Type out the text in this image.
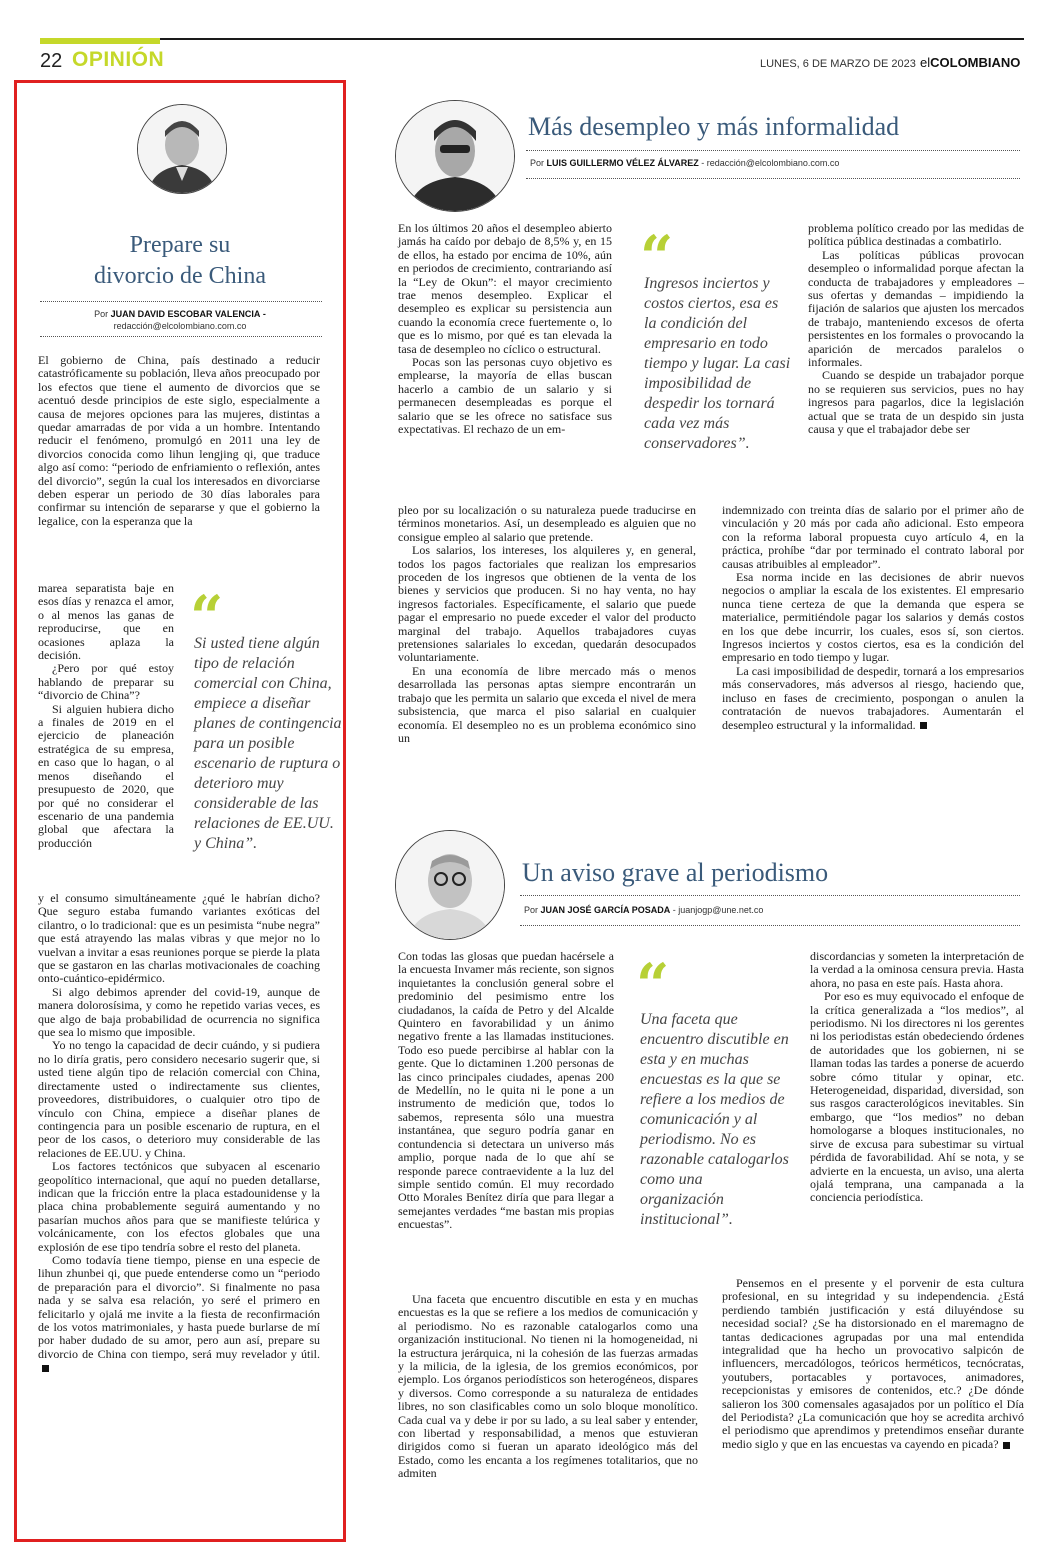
22 OPINIÓN	LUNES, 6 DE MARZO DE 2023 elCOLOMBIANO
Prepare su
divorcio de China
Por JUAN DAVID ESCOBAR VALENCIA -
redacción@elcolombiano.com.co

El gobierno de China, país destinado a reducir catastróficamente su población, lleva años preocupado por los efectos que tiene el aumento de divorcios que se acentuó desde principios de este siglo, especialmente a causa de mejores opciones para las mujeres, distintas a quedar amarradas de por vida a un hombre. Intentando reducir el fenómeno, promulgó en 2011 una ley de divorcios conocida como lihun lengjing qi, que traduce algo así como: “periodo de enfriamiento o reflexión, antes del divorcio”, según la cual los interesados en divorciarse deben esperar un periodo de 30 días laborales para confirmar su intención de separarse y que el gobierno la legalice, con la esperanza que la

marea separatista baje en esos días y renazca el amor, o al menos las ganas de reproducirse, que en ocasiones aplaza la decisión.

¿Pero por qué estoy hablando de preparar su “divorcio de China”?

Si alguien hubiera dicho a finales de 2019 en el ejercicio de planeación estratégica de su empresa, en caso que lo hagan, o al menos diseñando el presupuesto de 2020, que por qué no considerar el escenario de una pandemia global que afectara la producción

“
Si usted tiene algún tipo de relación comercial con China, empiece a diseñar planes de contingencia para un posible escenario de ruptura o deterioro muy considerable de las relaciones de EE.UU. y China”.

y el consumo simultáneamente ¿qué le habrían dicho? Que seguro estaba fumando variantes exóticas del cilantro, o lo tradicional: que es un pesimista “nube negra” que está atrayendo las malas vibras y que mejor no lo vuelvan a invitar a esas reuniones porque se pierde la plata que se gastaron en las charlas motivacionales de coaching onto-cuántico-epidérmico.

Si algo debimos aprender del covid-19, aunque de manera dolorosísima, y como he repetido varias veces, es que algo de baja probabilidad de ocurrencia no significa que sea lo mismo que imposible.

Yo no tengo la capacidad de decir cuándo, y si pudiera no lo diría gratis, pero considero necesario sugerir que, si usted tiene algún tipo de relación comercial con China, directamente usted o indirectamente sus clientes, proveedores, distribuidores, o cualquier otro tipo de vínculo con China, empiece a diseñar planes de contingencia para un posible escenario de ruptura, en el peor de los casos, o deterioro muy considerable de las relaciones de EE.UU. y China.

Los factores tectónicos que subyacen al escenario geopolítico internacional, que aquí no pueden detallarse, indican que la fricción entre la placa estadounidense y la placa china probablemente seguirá aumentando y no pasarían muchos años para que se manifieste telúrica y volcánicamente, con los efectos globales que una explosión de ese tipo tendría sobre el resto del planeta.

Como todavía tiene tiempo, piense en una especie de lihun zhunbei qi, que puede entenderse como un “periodo de preparación para el divorcio”. Si finalmente no pasa nada y se salva esa relación, yo seré el primero en felicitarlo y ojalá me invite a la fiesta de reconfirmación de los votos matrimoniales, y hasta puede burlarse de mí por haber dudado de su amor, pero aun así, prepare su divorcio de China con tiempo, será muy revelador y útil.

Más desempleo y más informalidad
Por LUIS GUILLERMO VÉLEZ ÁLVAREZ - redacción@elcolombiano.com.co

En los últimos 20 años el desempleo abierto jamás ha caído por debajo de 8,5% y, en 15 de ellos, ha estado por encima de 10%, aún en periodos de crecimiento, contrariando así la “Ley de Okun”: el mayor crecimiento trae menos desempleo. Explicar el desempleo es explicar su persistencia aun cuando la economía crece fuertemente o, lo que es lo mismo, por qué es tan elevada la tasa de desempleo no cíclico o estructural.

Pocas son las personas cuyo objetivo es emplearse, la mayoría de ellas buscan hacerlo a cambio de un salario y si permanecen desempleadas es porque el salario que se les ofrece no satisface sus expectativas. El rechazo de un em-

“
Ingresos inciertos y costos ciertos, esa es la condición del empresario en todo tiempo y lugar. La casi imposibilidad de despedir los tornará cada vez más conservadores”.

pleo por su localización o su naturaleza puede traducirse en términos monetarios. Así, un desempleado es alguien que no consigue empleo al salario que pretende.

Los salarios, los intereses, los alquileres y, en general, todos los pagos factoriales que realizan los empresarios proceden de los ingresos que obtienen de la venta de los bienes y servicios que producen. Si no hay venta, no hay ingresos factoriales. Específicamente, el salario que puede pagar el empresario no puede exceder el valor del producto marginal del trabajo. Aquellos trabajadores cuyas pretensiones salariales lo excedan, quedarán desocupados voluntariamente.

En una economía de libre mercado más o menos desarrollada las personas aptas siempre encontrarán un trabajo que les permita un salario que exceda el nivel de mera subsistencia, que marca el piso salarial en cualquier economía. El desempleo no es un problema económico sino un

problema político creado por las medidas de política pública destinadas a combatirlo.

Las políticas públicas provocan desempleo o informalidad porque afectan la conducta de trabajadores y empleadores – sus ofertas y demandas – impidiendo la fijación de salarios que ajusten los mercados de trabajo, manteniendo excesos de oferta persistentes en los formales o provocando la aparición de mercados paralelos o informales.

Cuando se despide un trabajador porque no se requieren sus servicios, pues no hay ingresos para pagarlos, dice la legislación actual que se trata de un despido sin justa causa y que el trabajador debe ser

indemnizado con treinta días de salario por el primer año de vinculación y 20 más por cada año adicional. Esto empeora con la reforma laboral propuesta cuyo artículo 4, en la práctica, prohíbe “dar por terminado el contrato laboral por causas atribuibles al empleador”.

Esa norma incide en las decisiones de abrir nuevos negocios o ampliar la escala de los existentes. El empresario nunca tiene certeza de que la demanda que espera se materialice, permitiéndole pagar los salarios y demás costos en los que debe incurrir, los cuales, esos sí, son ciertos. Ingresos inciertos y costos ciertos, esa es la condición del empresario en todo tiempo y lugar.

La casi imposibilidad de despedir, tornará a los empresarios más conservadores, más adversos al riesgo, haciendo que, incluso en fases de crecimiento, pospongan o anulen la contratación de nuevos trabajadores. Aumentarán el desempleo estructural y la informalidad.

Un aviso grave al periodismo
Por JUAN JOSÉ GARCÍA POSADA - juanjogp@une.net.co

Con todas las glosas que puedan hacérsele a la encuesta Invamer más reciente, son signos inquietantes la conclusión general sobre el predominio del pesimismo entre los ciudadanos, la caída de Petro y del Alcalde Quintero en favorabilidad y un ánimo negativo frente a las llamadas instituciones. Todo eso puede percibirse al hablar con la gente. Que lo dictaminen 1.200 personas de las cinco principales ciudades, apenas 200 de Medellín, no le quita ni le pone a un instrumento de medición que, todos lo sabemos, representa sólo una muestra instantánea, que seguro podría ganar en contundencia si detectara un universo más amplio, porque nada de lo que ahí se responde parece contraevidente a la luz del simple sentido común. El muy recordado Otto Morales Benítez diría que para llegar a semejantes verdades “me bastan mis propias encuestas”.

“
Una faceta que encuentro discutible en esta y en muchas encuestas es la que se refiere a los medios de comunicación y al periodismo. No es razonable catalogarlos como una organización institucional”.

Una faceta que encuentro discutible en esta y en muchas encuestas es la que se refiere a los medios de comunicación y al periodismo. No es razonable catalogarlos como una organización institucional. No tienen ni la homogeneidad, ni la estructura jerárquica, ni la cohesión de las fuerzas armadas y la milicia, de la iglesia, de los gremios económicos, por ejemplo. Los órganos periodísticos son heterogéneos, dispares y diversos. Como corresponde a su naturaleza de entidades libres, no son clasificables como un solo bloque monolítico. Cada cual va y debe ir por su lado, a su leal saber y entender, con libertad y responsabilidad, a menos que estuvieran dirigidos como si fueran un aparato ideológico más del Estado, como les encanta a los regímenes totalitarios, que no admiten

discordancias y someten la interpretación de la verdad a la ominosa censura previa. Hasta ahora, no pasa en este país. Hasta ahora.

Por eso es muy equivocado el enfoque de la crítica generalizada a “los medios”, al periodismo. Ni los directores ni los gerentes ni los periodistas están obedeciendo órdenes de autoridades que los gobiernen, ni se llaman todas las tardes a ponerse de acuerdo sobre cómo titular y opinar, etc. Heterogeneidad, disparidad, diversidad, son sus rasgos caracterológicos inevitables. Sin embargo, que “los medios” no deban homologarse a bloques institucionales, no sirve de excusa para subestimar su virtual pérdida de favorabilidad. Ahí se nota, y se advierte en la encuesta, un aviso, una alerta ojalá temprana, una campanada a la conciencia periodística.

Pensemos en el presente y el porvenir de esta cultura profesional, en su integridad y su independencia. ¿Está perdiendo también justificación y está diluyéndose su necesidad social? ¿Se ha distorsionado en el maremagno de tantas dedicaciones agrupadas por una mal entendida integralidad que ha hecho un provocativo salpicón de influencers, mercadólogos, teóricos herméticos, tecnócratas, youtubers, portacables y portavoces, animadores, recepcionistas y emisores de contenidos, etc.? ¿De dónde salieron los 300 comensales agasajados por un político el Día del Periodista? ¿La comunicación que hoy se acredita archivó el periodismo que aprendimos y pretendimos enseñar durante medio siglo y que en las encuestas va cayendo en picada?
